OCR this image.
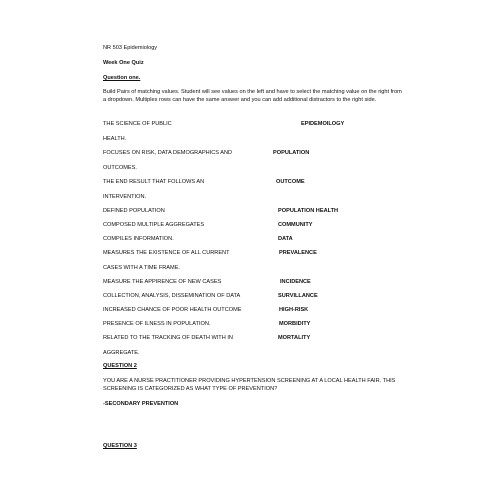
NR 503 Epidemiology
Week One Quiz
Question one.
Build Pairs of matching values. Student will see values on the left and have to select the matching value on the right from a dropdown. Multiples rows can have the same answer and you can add additional distractors to the right side.
THE SCIENCE OF PUBLIC	EPIDEMOILOGY
HEALTH.
FOCUSES ON RISK, DATA DEMOGRAPHICS AND	POPULATION
OUTCOMES.
THE END RESULT THAT FOLLOWS AN	OUTCOME
INTERVENTION.
DEFINED POPULATION	POPULATION HEALTH
COMPOSED MULTIPLE AGGREGATES	COMMUNITY
COMPILES INFORMATION.	DATA
MEASURES THE EXISTENCE OF ALL CURRENT	PREVALENCE
CASES WITH A TIME FRAME.
MEASURE THE APPIRENCE OF NEW CASES	INCIDENCE
COLLECTION, ANALYSIS, DISSEMINATION OF DATA	SURVILLANCE
INCREASED CHANCE OF POOR HEALTH OUTCOME	HIGH-RISK
PRESENCE OF ILNESS IN POPULATION.	MORBIDITY
RELATED TO THE TRACKING OF DEATH WITH IN	MORTALITY
AGGREGATE.
QUESTION 2
YOU ARE A NURSE PRACTITIONER PROVIDING HYPERTENSION SCREENING AT A LOCAL HEALTH FAIR. THIS SCREENING IS CATEGORIZED AS WHAT TYPE OF PREVENTION?
-SECONDARY PREVENTION
QUESTION 3
